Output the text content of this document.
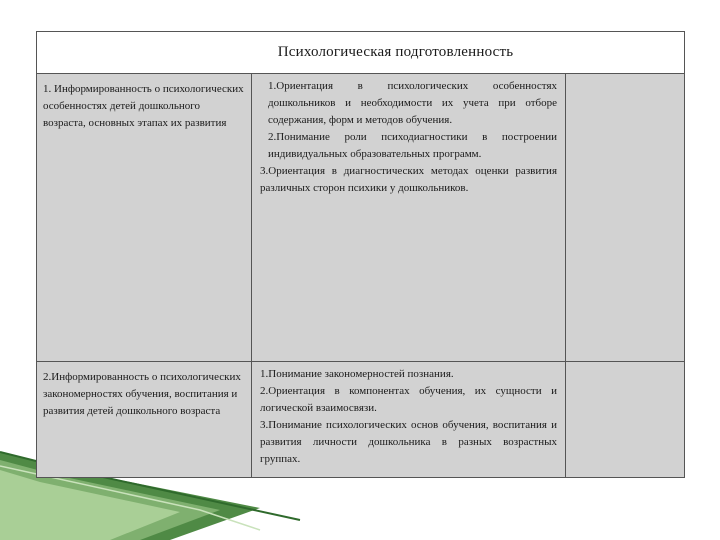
Психологическая подготовленность
1. Информированность о психологических особенностях детей дошкольного возраста, основных этапах их развития

1.Ориентация в психологических особенностях дошкольников и необходимости их учета при отборе содержания, форм и методов обучения.

2.Понимание роли психодиагностики в построении индивидуальных образовательных программ.

3.Ориентация в диагностических методах оценки развития различных сторон психики у дошкольников.

2.Информированность о психологических закономерностях обучения, воспитания и развития детей дошкольного возраста

1.Понимание закономерностей познания.

2.Ориентация в компонентах обучения, их сущности и логической взаимосвязи.

3.Понимание психологических основ обучения, воспитания и развития личности дошкольника в разных возрастных группах.
